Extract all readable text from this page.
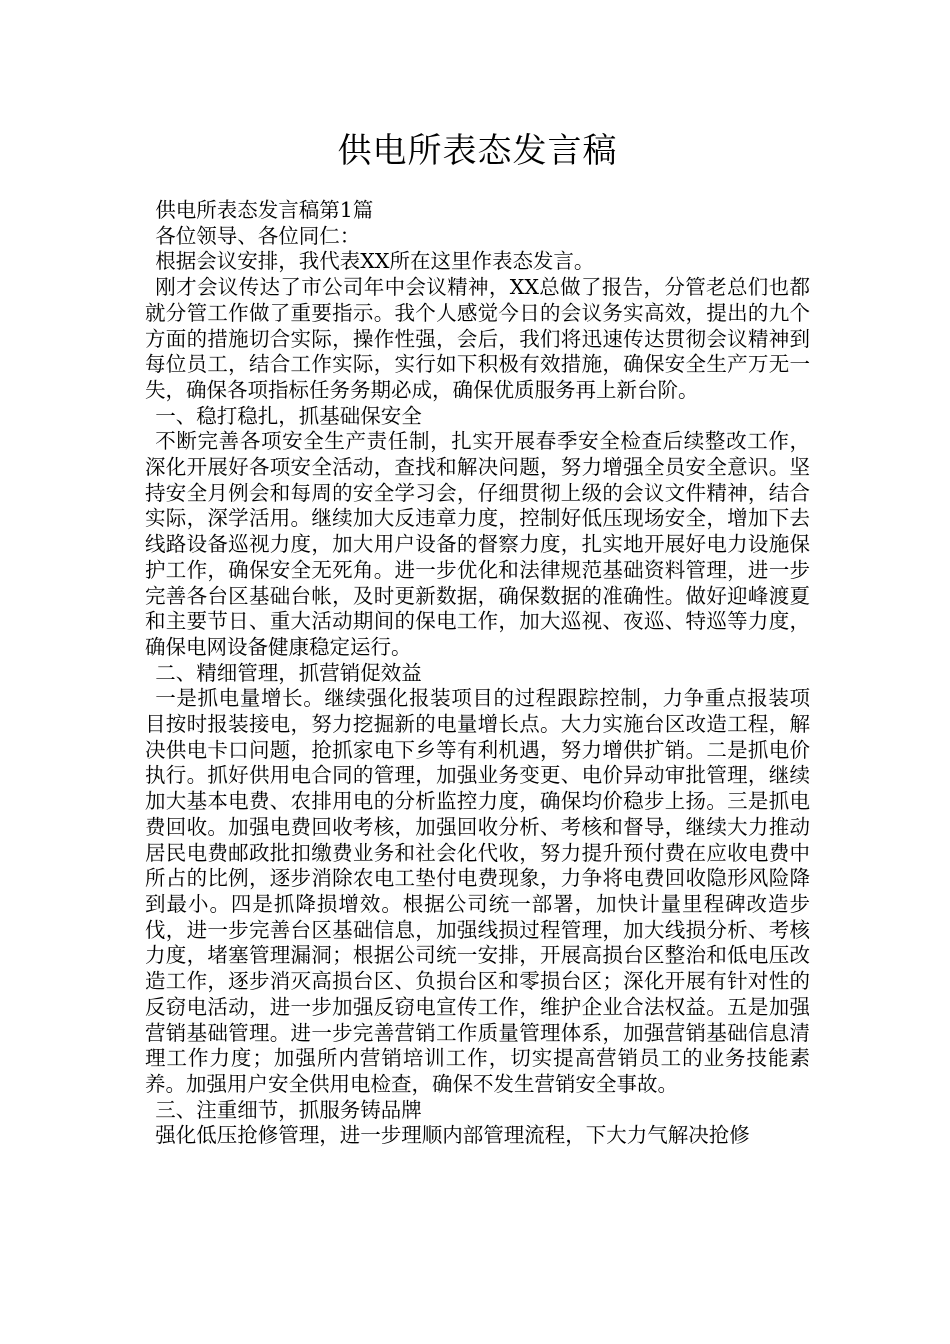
供电所表态发言稿

供电所表态发言稿第1篇

各位领导、各位同仁：

根据会议安排，我代表XX所在这里作表态发言。

刚才会议传达了市公司年中会议精神，XX总做了报告，分管老总们也都就分管工作做了重要指示。我个人感觉今日的会议务实高效，提出的九个方面的措施切合实际，操作性强，会后，我们将迅速传达贯彻会议精神到每位员工，结合工作实际，实行如下积极有效措施，确保安全生产万无一失，确保各项指标任务务期必成，确保优质服务再上新台阶。

一、稳打稳扎，抓基础保安全

不断完善各项安全生产责任制，扎实开展春季安全检查后续整改工作，深化开展好各项安全活动，查找和解决问题，努力增强全员安全意识。坚持安全月例会和每周的安全学习会，仔细贯彻上级的会议文件精神，结合实际，深学活用。继续加大反违章力度，控制好低压现场安全，增加下去线路设备巡视力度，加大用户设备的督察力度，扎实地开展好电力设施保护工作，确保安全无死角。进一步优化和法律规范基础资料管理，进一步完善各台区基础台帐，及时更新数据，确保数据的准确性。做好迎峰渡夏和主要节日、重大活动期间的保电工作，加大巡视、夜巡、特巡等力度，确保电网设备健康稳定运行。

二、精细管理，抓营销促效益

一是抓电量增长。继续强化报装项目的过程跟踪控制，力争重点报装项目按时报装接电，努力挖掘新的电量增长点。大力实施台区改造工程，解决供电卡口问题，抢抓家电下乡等有利机遇，努力增供扩销。二是抓电价执行。抓好供用电合同的管理，加强业务变更、电价异动审批管理，继续加大基本电费、农排用电的分析监控力度，确保均价稳步上扬。三是抓电费回收。加强电费回收考核，加强回收分析、考核和督导，继续大力推动居民电费邮政批扣缴费业务和社会化代收，努力提升预付费在应收电费中所占的比例，逐步消除农电工垫付电费现象，力争将电费回收隐形风险降到最小。四是抓降损增效。根据公司统一部署，加快计量里程碑改造步伐，进一步完善台区基础信息，加强线损过程管理，加大线损分析、考核力度，堵塞管理漏洞；根据公司统一安排，开展高损台区整治和低电压改造工作，逐步消灭高损台区、负损台区和零损台区；深化开展有针对性的反窃电活动，进一步加强反窃电宣传工作，维护企业合法权益。五是加强营销基础管理。进一步完善营销工作质量管理体系，加强营销基础信息清理工作力度；加强所内营销培训工作，切实提高营销员工的业务技能素养。加强用户安全供用电检查，确保不发生营销安全事故。

三、注重细节，抓服务铸品牌

强化低压抢修管理，进一步理顺内部管理流程，下大力气解决抢修
